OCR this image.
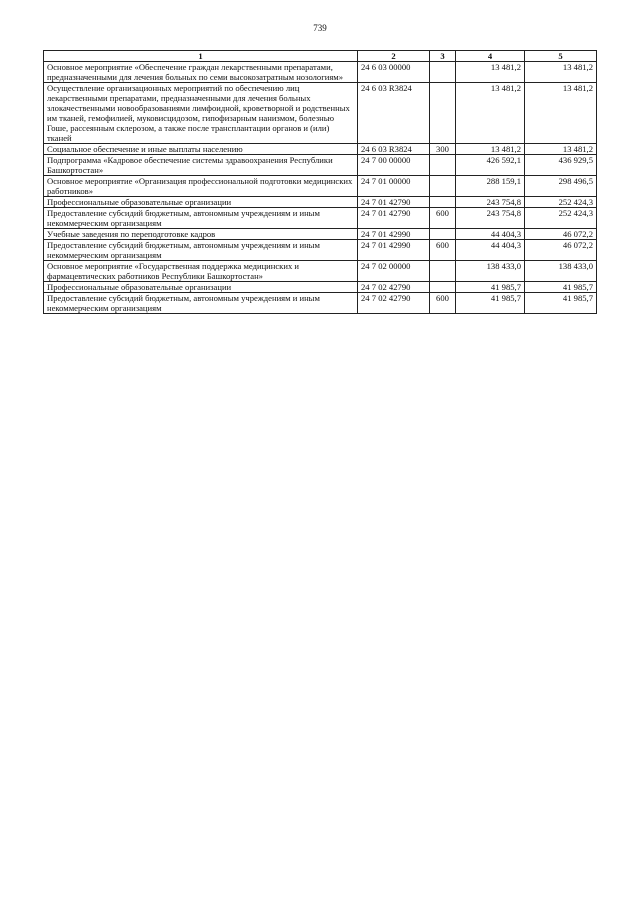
739
1	2	3	4	5
Основное мероприятие «Обеспечение граждан лекарственными препаратами, предназначенными для лечения больных по семи высокозатратным нозологиям»	24 6 03 00000		13 481,2	13 481,2
Осуществление организационных мероприятий по обеспечению лиц лекарственными препаратами, предназначенными для лечения больных злокачественными новообразованиями лимфоидной, кроветворной и родственных им тканей, гемофилией, муковисцидозом, гипофизарным нанизмом, болезнью Гоше, рассеянным склерозом, а также после трансплантации органов и (или) тканей	24 6 03 R3824		13 481,2	13 481,2
Социальное обеспечение и иные выплаты населению	24 6 03 R3824	300	13 481,2	13 481,2
Подпрограмма «Кадровое обеспечение системы здравоохранения Республики Башкортостан»	24 7 00 00000		426 592,1	436 929,5
Основное мероприятие «Организация профессиональной подготовки медицинских работников»	24 7 01 00000		288 159,1	298 496,5
Профессиональные образовательные организации	24 7 01 42790		243 754,8	252 424,3
Предоставление субсидий бюджетным, автономным учреждениям и иным некоммерческим организациям	24 7 01 42790	600	243 754,8	252 424,3
Учебные заведения по переподготовке кадров	24 7 01 42990		44 404,3	46 072,2
Предоставление субсидий бюджетным, автономным учреждениям и иным некоммерческим организациям	24 7 01 42990	600	44 404,3	46 072,2
Основное мероприятие «Государственная поддержка медицинских и фармацевтических работников Республики Башкортостан»	24 7 02 00000		138 433,0	138 433,0
Профессиональные образовательные организации	24 7 02 42790		41 985,7	41 985,7
Предоставление субсидий бюджетным, автономным учреждениям и иным некоммерческим организациям	24 7 02 42790	600	41 985,7	41 985,7
